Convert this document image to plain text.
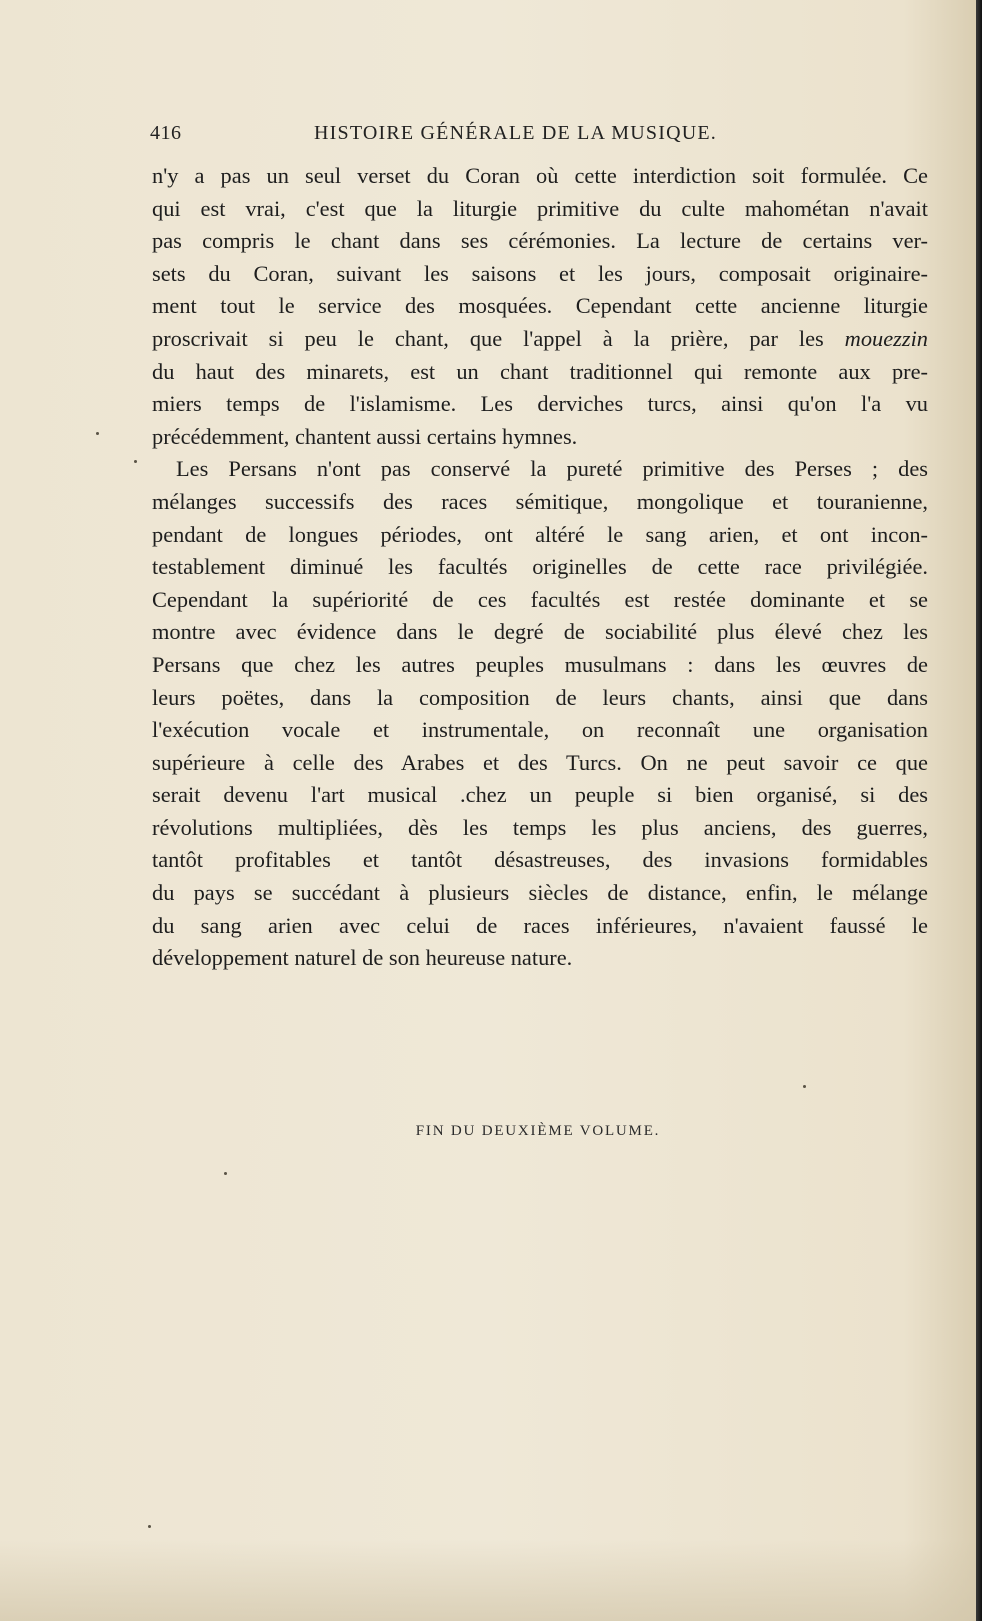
416	HISTOIRE GÉNÉRALE DE LA MUSIQUE.
n'y a pas un seul verset du Coran où cette interdiction soit formulée. Ce
qui est vrai, c'est que la liturgie primitive du culte mahométan n'avait
pas compris le chant dans ses cérémonies. La lecture de certains ver-
sets du Coran, suivant les saisons et les jours, composait originaire-
ment tout le service des mosquées. Cependant cette ancienne liturgie
proscrivait si peu le chant, que l'appel à la prière, par les mouezzin
du haut des minarets, est un chant traditionnel qui remonte aux pre-
miers temps de l'islamisme. Les derviches turcs, ainsi qu'on l'a vu
précédemment, chantent aussi certains hymnes.
Les Persans n'ont pas conservé la pureté primitive des Perses ; des
mélanges successifs des races sémitique, mongolique et touranienne,
pendant de longues périodes, ont altéré le sang arien, et ont incon-
testablement diminué les facultés originelles de cette race privilégiée.
Cependant la supériorité de ces facultés est restée dominante et se
montre avec évidence dans le degré de sociabilité plus élevé chez les
Persans que chez les autres peuples musulmans : dans les œuvres de
leurs poëtes, dans la composition de leurs chants, ainsi que dans
l'exécution vocale et instrumentale, on reconnaît une organisation
supérieure à celle des Arabes et des Turcs. On ne peut savoir ce que
serait devenu l'art musical .chez un peuple si bien organisé, si des
révolutions multipliées, dès les temps les plus anciens, des guerres,
tantôt profitables et tantôt désastreuses, des invasions formidables
du pays se succédant à plusieurs siècles de distance, enfin, le mélange
du sang arien avec celui de races inférieures, n'avaient faussé le
développement naturel de son heureuse nature.
FIN DU DEUXIÈME VOLUME.
